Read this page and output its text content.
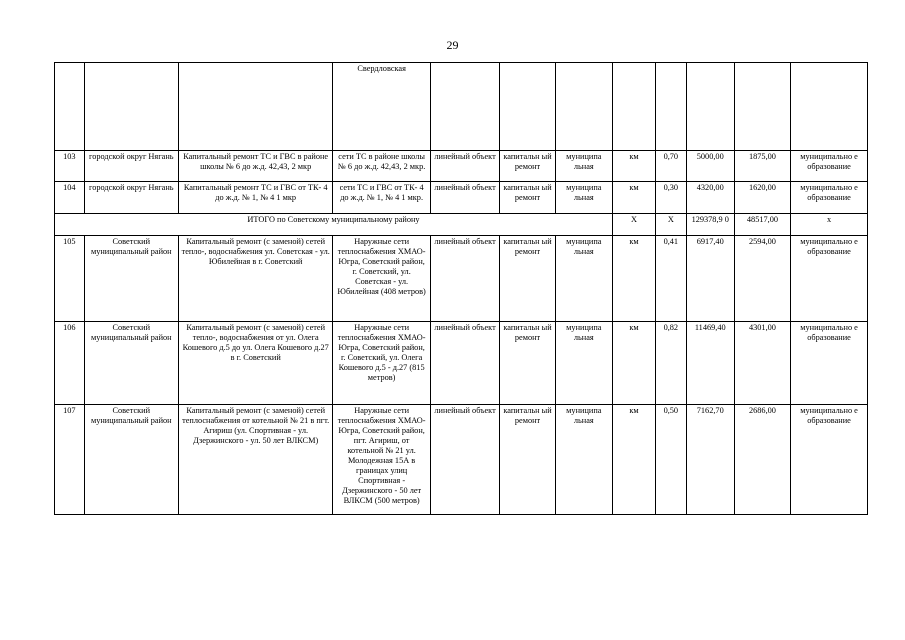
29
			Свердловская								
103	городской округ Нягань	Капитальный ремонт ТС и ГВС в районе школы № 6 до ж.д. 42,43, 2 мкр	сети ТС в районе школы № 6 до ж.д. 42,43, 2 мкр.	линейный объект	капитальн ый ремонт	муниципа льная	км	0,70	5000,00	1875,00	муниципально е образование
104	городской округ Нягань	Капитальный ремонт ТС и ГВС от ТК- 4 до ж.д. № 1, № 4 1 мкр	сети ТС и ГВС от ТК- 4 до ж.д. № 1, № 4 1 мкр.	линейный объект	капитальн ый ремонт	муниципа льная	км	0,30	4320,00	1620,00	муниципально е образование
ИТОГО по Советскому муниципальному району							X	X	129378,9 0	48517,00	х
105	Советский муниципальный район	Капитальный ремонт (с заменой) сетей тепло-, водоснабжения ул. Советская - ул. Юбилейная в г. Советский	Наружные сети теплоснабжения ХМАО-Югра, Советский район, г. Советский, ул. Советская - ул. Юбилейная (408 метров)	линейный объект	капитальн ый ремонт	муниципа льная	км	0,41	6917,40	2594,00	муниципально е образование
106	Советский муниципальный район	Капитальный ремонт (с заменой) сетей тепло-, водоснабжения от ул. Олега Кошевого д.5 до ул. Олега Кошевого д.27 в г. Советский	Наружные сети теплоснабжения ХМАО-Югра, Советский район, г. Советский, ул. Олега Кошевого д.5 - д.27 (815 метров)	линейный объект	капитальн ый ремонт	муниципа льная	км	0,82	11469,40	4301,00	муниципально е образование
107	Советский муниципальный район	Капитальный ремонт (с заменой) сетей теплоснабжения от котельной № 21 в пгт. Агириш (ул. Спортивная - ул. Дзержинского - ул. 50 лет ВЛКСМ)	Наружные сети теплоснабжения ХМАО-Югра, Советский район, пгт. Агириш, от котельной № 21 ул. Молодежная 15А в границах улиц Спортивная - Дзержинского - 50 лет ВЛКСМ (500 метров)	линейный объект	капитальн ый ремонт	муниципа льная	км	0,50	7162,70	2686,00	муниципально е образование
